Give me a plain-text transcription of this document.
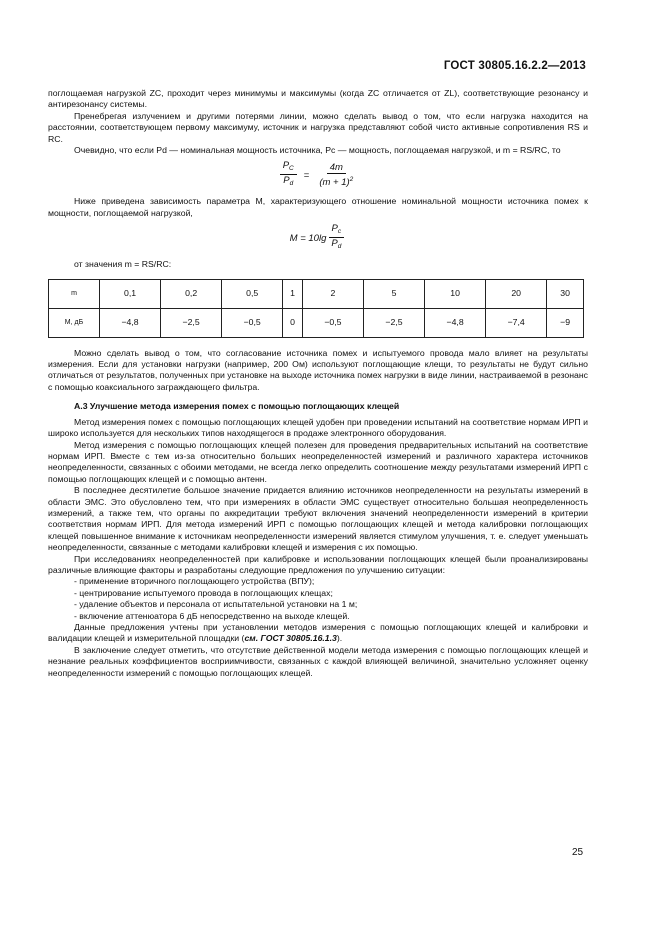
ГОСТ 30805.16.2.2—2013

поглощаемая нагрузкой ZC, проходит через минимумы и максимумы (когда ZC отличается от ZL), соответствующие резонансу и антирезонансу системы.

Пренебрегая излучением и другими потерями линии, можно сделать вывод о том, что если нагрузка находится на расстоянии, соответствующем первому максимуму, источник и нагрузка представляют собой чисто активные сопротивления RS и RC.

Очевидно, что если Pd — номинальная мощность источника, Pc — мощность, поглощаемая нагрузкой, и m = RS/RC, то

$\frac{P_C}{P_d} = \frac{4m}{(m + 1)^2}$

Ниже приведена зависимость параметра M, характеризующего отношение номинальной мощности источника помех к мощности, поглощаемой нагрузкой,

$M = 10\lg \frac{P_c}{P_d}$

от значения m = RS/RC:

m	0,1	0,2	0,5	1	2	5	10	20	30
M, дБ	−4,8	−2,5	−0,5	0	−0,5	−2,5	−4,8	−7,4	−9

Можно сделать вывод о том, что согласование источника помех и испытуемого провода мало влияет на результаты измерения. Если для установки нагрузки (например, 200 Ом) используют поглощающие клещи, то результаты не будут сильно отличаться от результатов, полученных при установке на выходе источника помех нагрузки в виде линии, настраиваемой в резонанс с помощью коаксиального заграждающего фильтра.

А.3 Улучшение метода измерения помех с помощью поглощающих клещей

Метод измерения помех с помощью поглощающих клещей удобен при проведении испытаний на соответствие нормам ИРП и широко используется для нескольких типов находящегося в продаже электронного оборудования.

Метод измерения с помощью поглощающих клещей полезен для проведения предварительных испытаний на соответствие нормам ИРП. Вместе с тем из-за относительно больших неопределенностей измерений и различного характера источников неопределенности, связанных с обоими методами, не всегда легко определить соотношение между результатами измерений ИРП с помощью поглощающих клещей и с помощью антенн.

В последнее десятилетие большое значение придается влиянию источников неопределенности на результаты измерений в области ЭМС. Это обусловлено тем, что при измерениях в области ЭМС существует относительно большая неопределенность измерений, а также тем, что органы по аккредитации требуют включения значений неопределенности измерений в критерии соответствия нормам ИРП. Для метода измерений ИРП с помощью поглощающих клещей и метода калибровки поглощающих клещей повышенное внимание к источникам неопределенности измерений является стимулом улучшения, т. е. следует уменьшать неопределенности, связанные с методами калибровки клещей и измерения с их помощью.

При исследованиях неопределенностей при калибровке и использовании поглощающих клещей были проанализированы различные влияющие факторы и разработаны следующие предложения по улучшению ситуации:

- применение вторичного поглощающего устройства (ВПУ);

- центрирование испытуемого провода в поглощающих клещах;

- удаление объектов и персонала от испытательной установки на 1 м;

- включение аттенюатора 6 дБ непосредственно на выходе клещей.

Данные предложения учтены при установлении методов измерения с помощью поглощающих клещей и калибровки и валидации клещей и измерительной площадки (см. ГОСТ 30805.16.1.3).

В заключение следует отметить, что отсутствие действенной модели метода измерения с помощью поглощающих клещей и незнание реальных коэффициентов восприимчивости, связанных с каждой влияющей величиной, значительно усложняет оценку неопределенности измерений с помощью поглощающих клещей.

25
